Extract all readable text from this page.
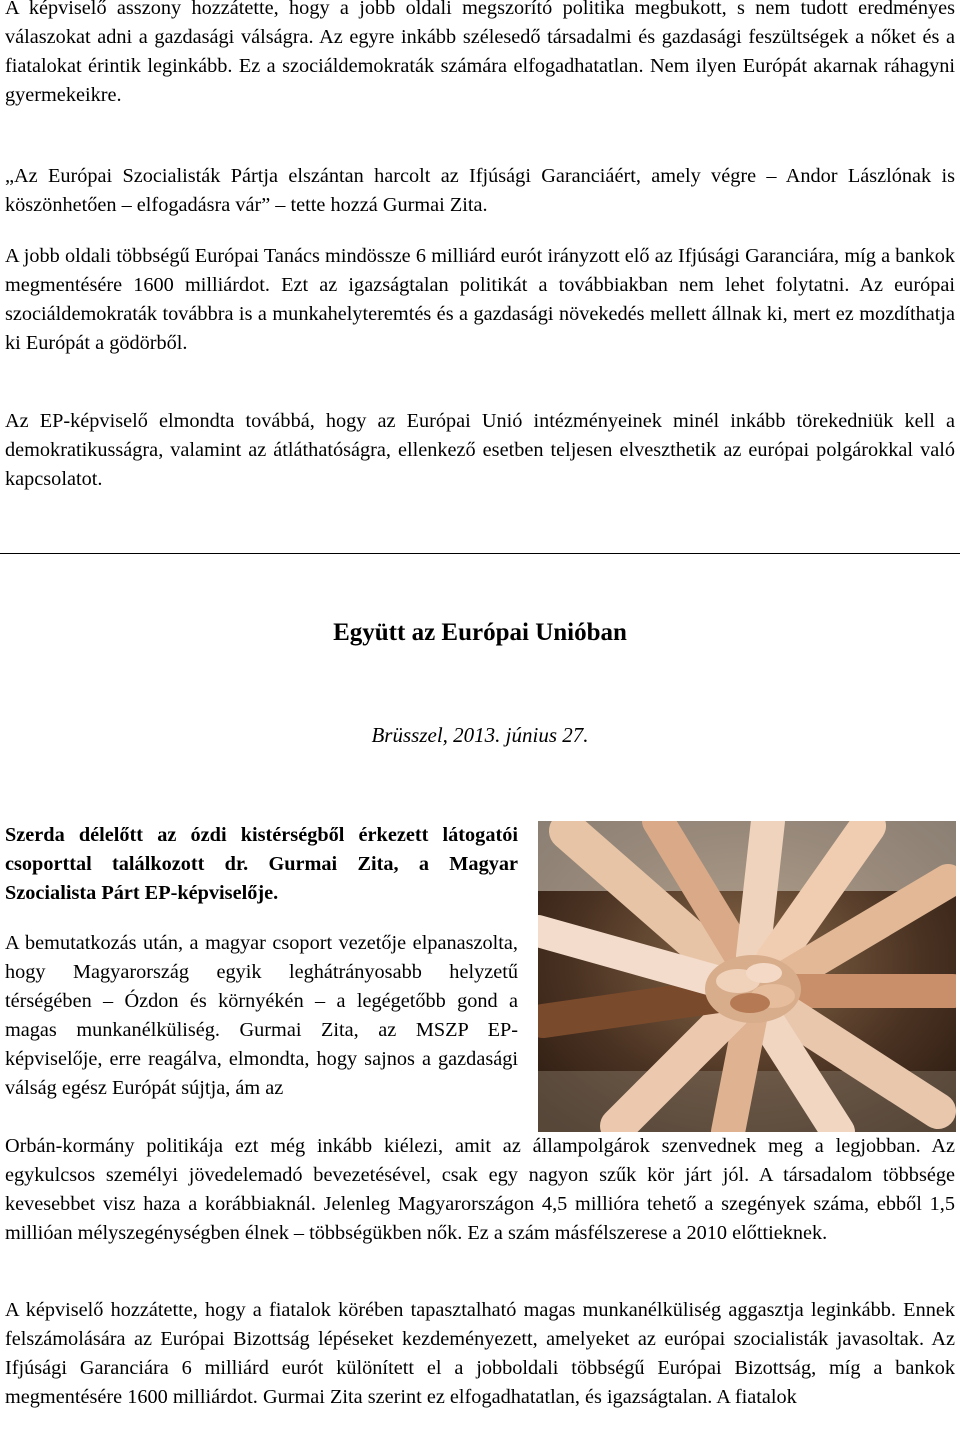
A képviselő asszony hozzátette, hogy a jobb oldali megszorító politika megbukott, s nem tudott eredményes válaszokat adni a gazdasági válságra. Az egyre inkább szélesedő társadalmi és gazdasági feszültségek a nőket és a fiatalokat érintik leginkább. Ez a szociáldemokraták számára elfogadhatatlan. Nem ilyen Európát akarnak ráhagyni gyermekeikre.

„Az Európai Szocialisták Pártja elszántan harcolt az Ifjúsági Garanciáért, amely végre – Andor Lászlónak is köszönhetően – elfogadásra vár” – tette hozzá Gurmai Zita.

A jobb oldali többségű Európai Tanács mindössze 6 milliárd eurót irányzott elő az Ifjúsági Garanciára, míg a bankok megmentésére 1600 milliárdot. Ezt az igazságtalan politikát a továbbiakban nem lehet folytatni. Az európai szociáldemokraták továbbra is a munkahelyteremtés és a gazdasági növekedés mellett állnak ki, mert ez mozdíthatja ki Európát a gödörből.

Az EP-képviselő elmondta továbbá, hogy az Európai Unió intézményeinek minél inkább törekedniük kell a demokratikusságra, valamint az átláthatóságra, ellenkező esetben teljesen elveszthetik az európai polgárokkal való kapcsolatot.

Együtt az Európai Unióban
Brüsszel, 2013. június 27.

Szerda délelőtt az ózdi kistérségből érkezett látogatói csoporttal találkozott dr. Gurmai Zita, a Magyar Szocialista Párt EP-képviselője.

A bemutatkozás után, a magyar csoport vezetője elpanaszolta, hogy Magyarország egyik leghátrányosabb helyzetű térségében – Ózdon és környékén – a legégetőbb gond a magas munkanélküliség. Gurmai Zita, az MSZP EP-képviselője, erre reagálva, elmondta, hogy sajnos a gazdasági válság egész Európát sújtja, ám az

Orbán-kormány politikája ezt még inkább kiélezi, amit az állampolgárok szenvednek meg a legjobban. Az egykulcsos személyi jövedelemadó bevezetésével, csak egy nagyon szűk kör járt jól. A társadalom többsége kevesebbet visz haza a korábbiaknál. Jelenleg Magyarországon 4,5 millióra tehető a szegények száma, ebből 1,5 millióan mélyszegénységben élnek – többségükben nők. Ez a szám másfélszerese a 2010 előttieknek.

A képviselő hozzátette, hogy a fiatalok körében tapasztalható magas munkanélküliség aggasztja leginkább. Ennek felszámolására az Európai Bizottság lépéseket kezdeményezett, amelyeket az európai szocialisták javasoltak. Az Ifjúsági Garanciára 6 milliárd eurót különített el a jobboldali többségű Európai Bizottság, míg a bankok megmentésére 1600 milliárdot. Gurmai Zita szerint ez elfogadhatatlan, és igazságtalan. A fiatalok
